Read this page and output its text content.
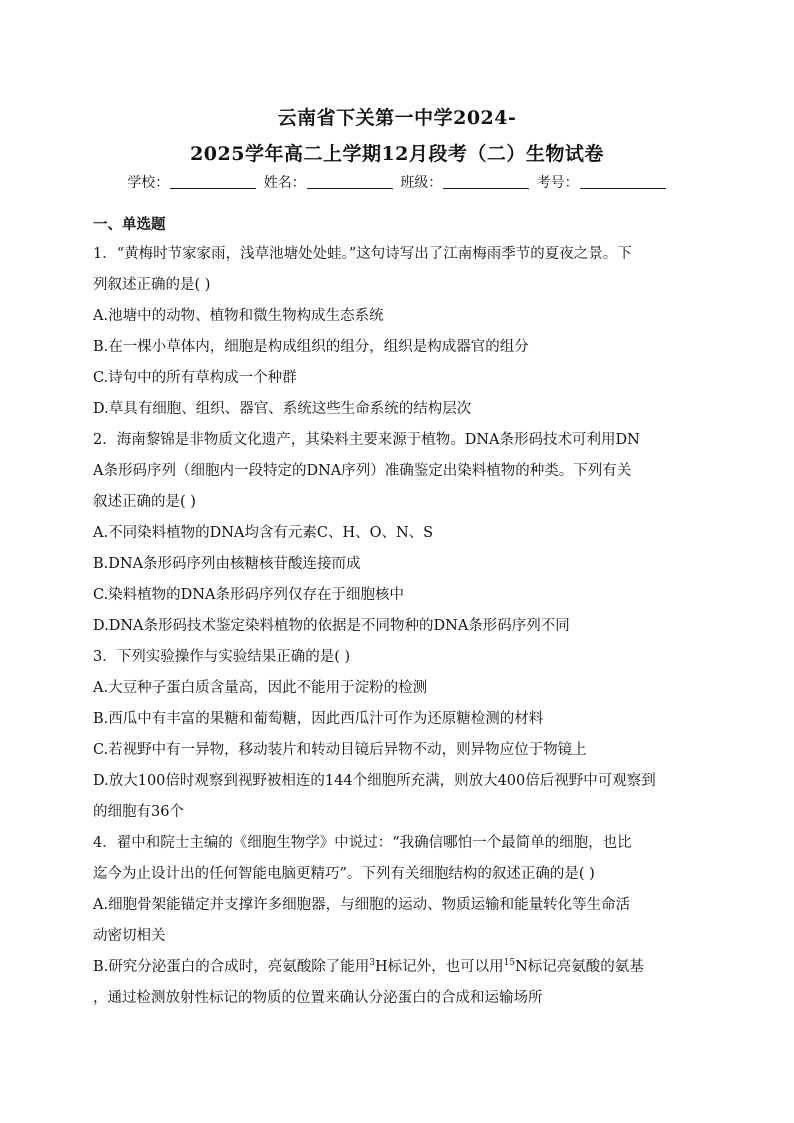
云南省下关第一中学2024-
2025学年高二上学期12月段考（二）生物试卷
学校：	姓名：	班级：	考号：
一、单选题
1．“黄梅时节家家雨，浅草池塘处处蛙。”这句诗写出了江南梅雨季节的夏夜之景。下
列叙述正确的是( )
A.池塘中的动物、植物和微生物构成生态系统
B.在一棵小草体内，细胞是构成组织的组分，组织是构成器官的组分
C.诗句中的所有草构成一个种群
D.草具有细胞、组织、器官、系统这些生命系统的结构层次
2．海南黎锦是非物质文化遗产，其染料主要来源于植物。DNA条形码技术可利用DN
A条形码序列（细胞内一段特定的DNA序列）准确鉴定出染料植物的种类。下列有关
叙述正确的是( )
A.不同染料植物的DNA均含有元素C、H、O、N、S
B.DNA条形码序列由核糖核苷酸连接而成
C.染料植物的DNA条形码序列仅存在于细胞核中
D.DNA条形码技术鉴定染料植物的依据是不同物种的DNA条形码序列不同
3．下列实验操作与实验结果正确的是( )
A.大豆种子蛋白质含量高，因此不能用于淀粉的检测
B.西瓜中有丰富的果糖和葡萄糖，因此西瓜汁可作为还原糖检测的材料
C.若视野中有一异物，移动装片和转动目镜后异物不动，则异物应位于物镜上
D.放大100倍时观察到视野被相连的144个细胞所充满，则放大400倍后视野中可观察到
的细胞有36个
4．翟中和院士主编的《细胞生物学》中说过：“我确信哪怕一个最简单的细胞，也比
迄今为止设计出的任何智能电脑更精巧”。下列有关细胞结构的叙述正确的是( )
A.细胞骨架能锚定并支撑许多细胞器，与细胞的运动、物质运输和能量转化等生命活
动密切相关
B.研究分泌蛋白的合成时，亮氨酸除了能用$^3$H标记外，也可以用$^{15}$N标记亮氨酸的氨基
，通过检测放射性标记的物质的位置来确认分泌蛋白的合成和运输场所
